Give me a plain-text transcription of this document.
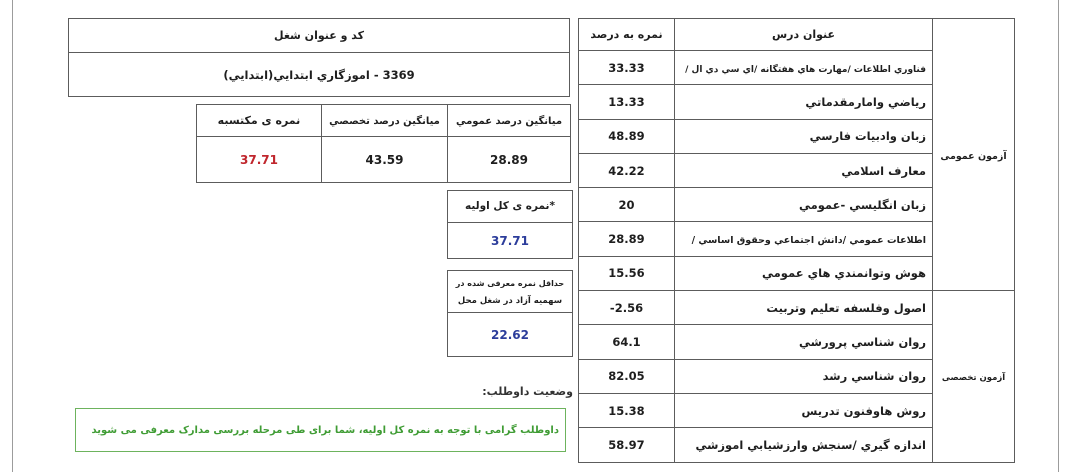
آزمون عمومی	عنوان درس	نمره به درصد
	فناوري اطلاعات /مهارت هاي هفتگانه /اي سي دي ال /	33.33
	رياضي وامارمقدماتي	13.33
	زبان وادبيات فارسي	48.89
	معارف اسلامي	42.22
	زبان انگليسي -عمومي	20
	اطلاعات عمومي /دانش اجتماعي وحقوق اساسي /	28.89
	هوش وتوانمندي هاي عمومي	15.56
آزمون تخصصی	اصول وفلسفه تعليم وتربيت	-2.56
	روان شناسي پرورشي	64.1
	روان شناسي رشد	82.05
	روش هاوفنون تدريس	15.38
	اندازه گيري /سنجش وارزشيابي اموزشي	58.97
کد و عنوان شغل
3369 - اموزگاري ابتدايي(ابتدايي)
ميانگين درصد عمومي	ميانگين درصد تخصصي	نمره ی مکتسبه
28.89	43.59	37.71
*نمره ی کل اولیه
37.71
حداقل نمره معرفی شده در
سهمیه آزاد در شغل محل
22.62
وضعيت داوطلب:
داوطلب گرامی با توجه به نمره کل اولیه، شما برای طی مرحله بررسی مدارک معرفی می شوید
